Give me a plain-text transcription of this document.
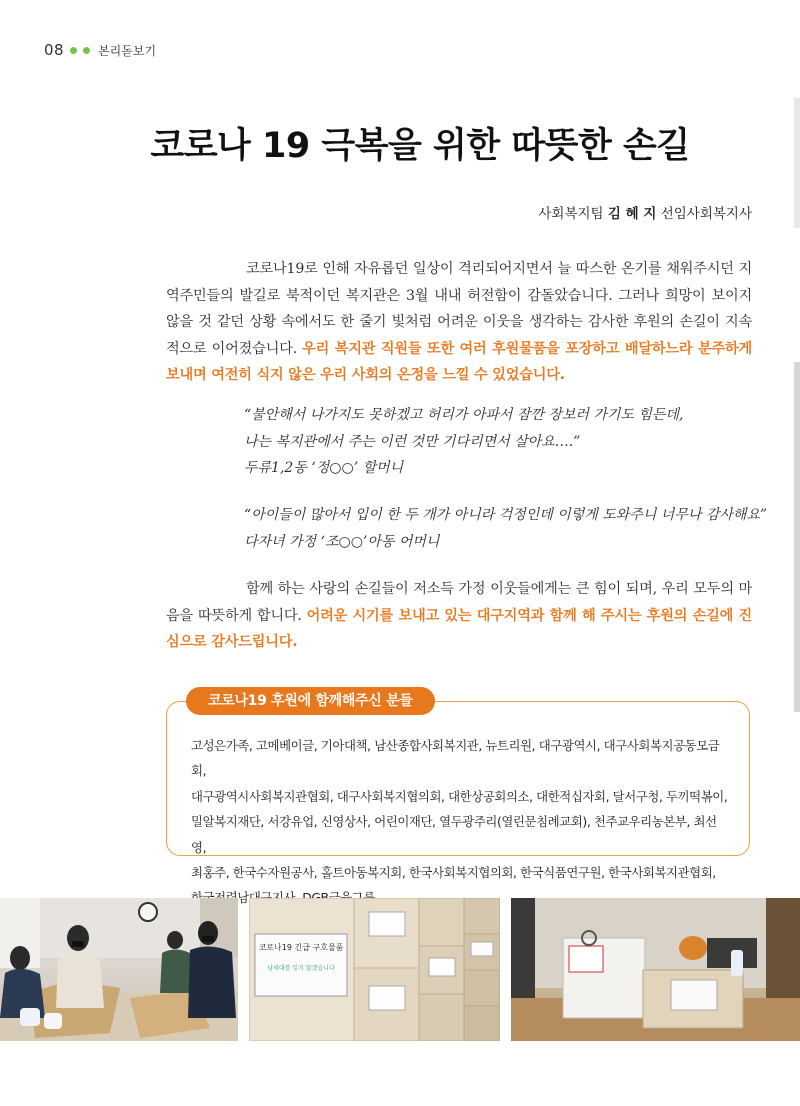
08	본리돋보기
코로나 19 극복을 위한 따뜻한 손길
사회복지팀 김 혜 지 선임사회복지사

코로나19로 인해 자유롭던 일상이 격리되어지면서 늘 따스한 온기를 채워주시던 지역주민들의 발길로 북적이던 복지관은 3월 내내 허전함이 감돌았습니다. 그러나 희망이 보이지 않을 것 같던 상황 속에서도 한 줄기 빛처럼 어려운 이웃을 생각하는 감사한 후원의 손길이 지속적으로 이어졌습니다. 우리 복지관 직원들 또한 여러 후원물품을 포장하고 배달하느라 분주하게 보내며 여전히 식지 않은 우리 사회의 온정을 느낄 수 있었습니다.

“불안해서 나가지도 못하겠고 허리가 아파서 잠깐 장보러 가기도 힘든데,
나는 복지관에서 주는 이런 것만 기다리면서 살아요….”
두류1,2동 ‘정○○’ 할머니
“아이들이 많아서 입이 한 두 개가 아니라 걱정인데 이렇게 도와주니 너무나 감사해요”
다자녀 가정 ‘조○○’아동 어머니

함께 하는 사랑의 손길들이 저소득 가정 이웃들에게는 큰 힘이 되며, 우리 모두의 마음을 따뜻하게 합니다. 어려운 시기를 보내고 있는 대구지역과 함께 해 주시는 후원의 손길에 진심으로 감사드립니다.

코로나19 후원에 함께해주신 분들
고성은가족, 고메베이글, 기아대책, 남산종합사회복지관, 뉴트리원, 대구광역시, 대구사회복지공동모금회,
대구광역시사회복지관협회, 대구사회복지협의회, 대한상공회의소, 대한적십자회, 달서구청, 두끼떡볶이,
밀알복지재단, 서강유업, 신영상사, 어린이재단, 열두광주리(열린문침례교회), 천주교우리농본부, 최선영,
최홍주, 한국수자원공사, 홀트아동복지회, 한국사회복지협의회, 한국식품연구원, 한국사회복지관협회,
한국전력남대구지사,
코로나19 긴급 구호물품
남세대를 잊지 않겠습니다
